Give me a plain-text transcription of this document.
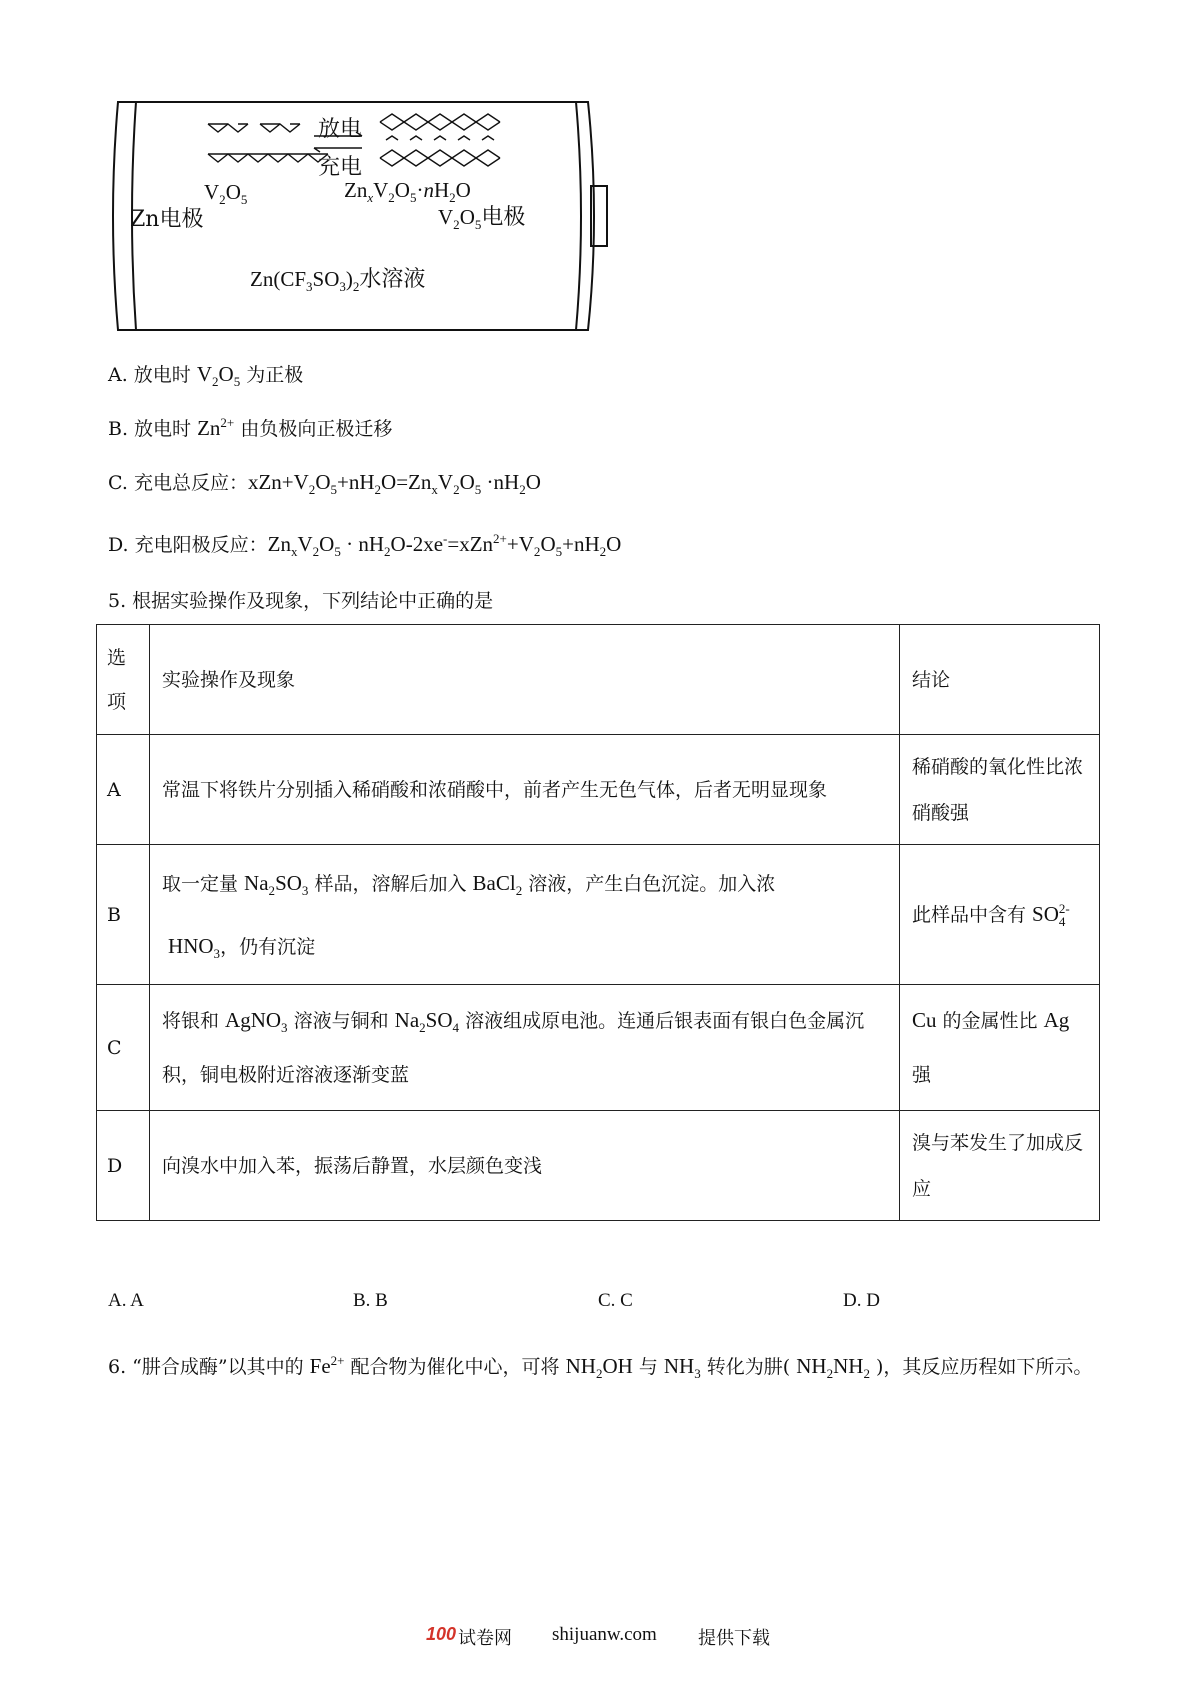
放电
充电
$V_2O_5$	$Zn_xV_2O_5\cdot nH_2O$
Zn电极	$V_2O_5$电极
$Zn(CF_3SO_3)_2$水溶液
A. 放电时 $V_2O_5$ 为正极
B. 放电时 $Zn^{2+}$ 由负极向正极迁移
C. 充电总反应：$xZn+V_2O_5+nH_2O=Zn_xV_2O_5 \cdot nH_2O$
D. 充电阳极反应：$Zn_xV_2O_5 \cdot nH_2O-2xe^-=xZn^{2+}+V_2O_5+nH_2O$
5. 根据实验操作及现象，下列结论中正确的是
选
项	实验操作及现象	结论
A	常温下将铁片分别插入稀硝酸和浓硝酸中，前者产生无色气体，后者无明显现象	稀硝酸的氧化性比浓硝酸强
B	取一定量 $Na_2SO_3$ 样品，溶解后加入 BaCl$_2$ 溶液，产生白色沉淀。加入浓
$HNO_3$，仍有沉淀	此样品中含有 $SO_4^{2-}$
C	将银和 AgNO$_3$ 溶液与铜和 $Na_2SO_4$ 溶液组成原电池。连通后银表面有银白色金属沉积，铜电极附近溶液逐渐变蓝	Cu 的金属性比 Ag 强
D	向溴水中加入苯，振荡后静置，水层颜色变浅	溴与苯发生了加成反应
A. A	B. B	C. C	D. D
6. “肼合成酶”以其中的 $Fe^{2+}$ 配合物为催化中心，可将 $NH_2OH$ 与 $NH_3$ 转化为肼( $NH_2NH_2$ )，其反应历程如下所示。
100 试卷网 shijuanw.com 提供下载
